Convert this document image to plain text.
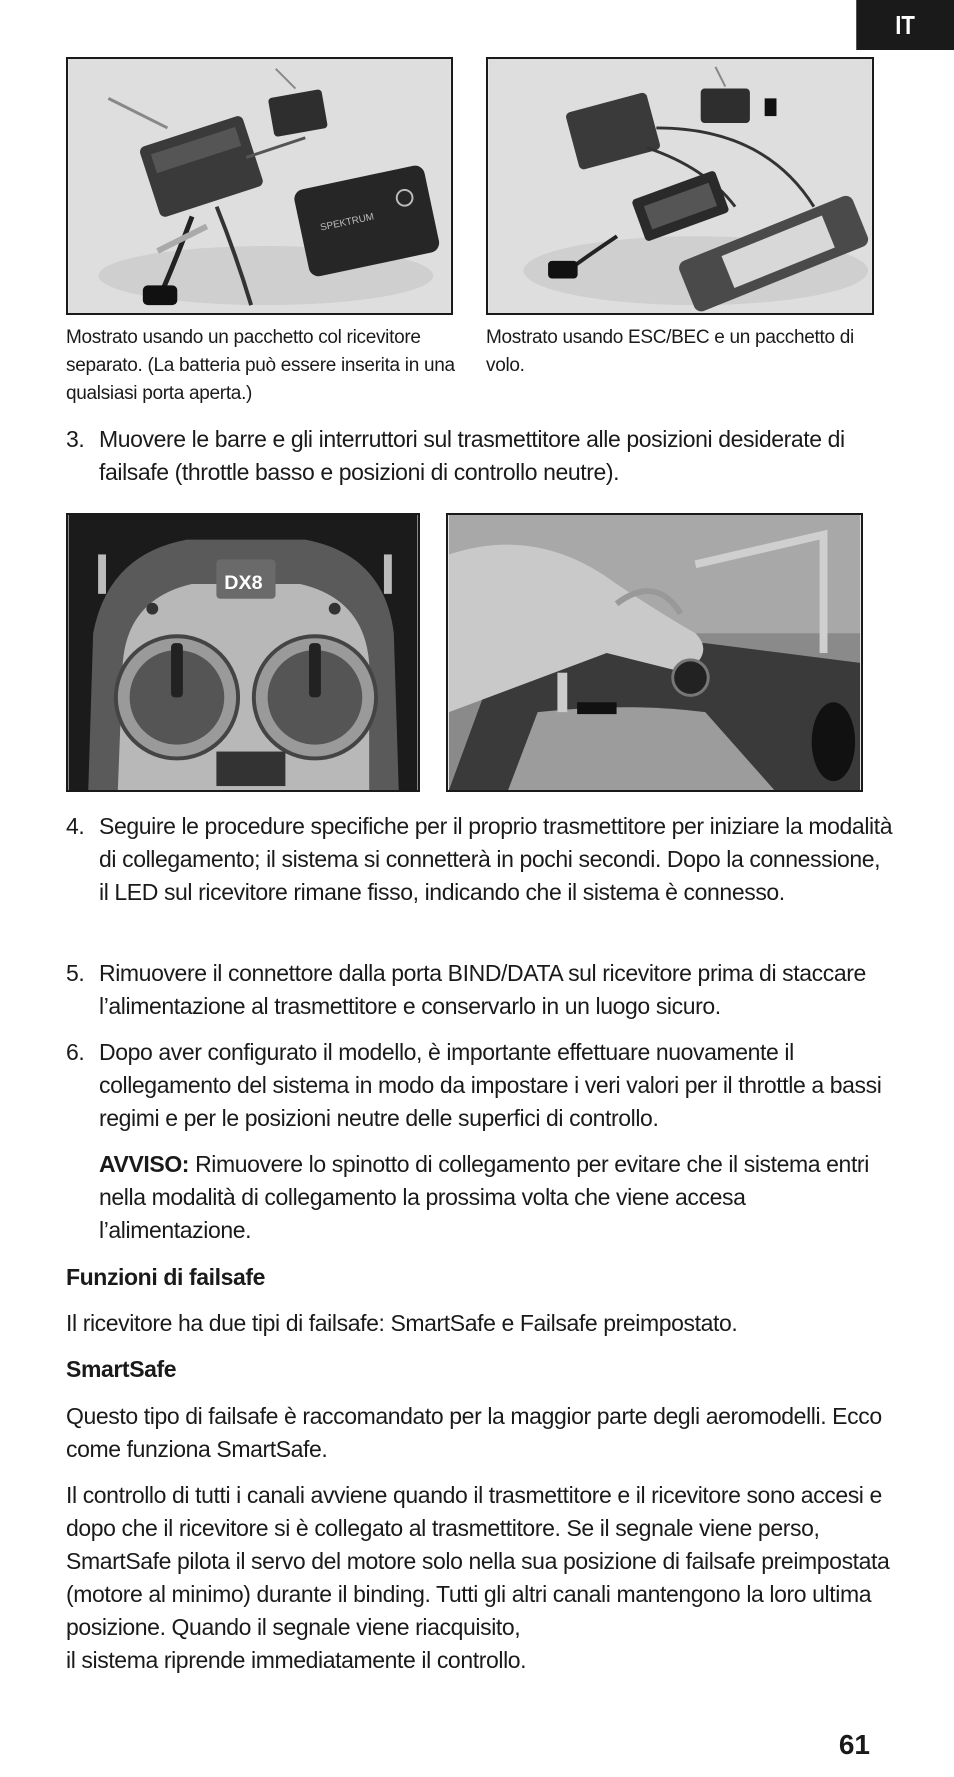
IT
SPEKTRUM
Mostrato usando un pacchetto col ricevitore separato. (La batteria può essere inserita in una qualsiasi porta aperta.)
Mostrato usando ESC/BEC e un pacchetto di volo.
3. Muovere le barre e gli interruttori sul trasmettitore alle posizioni desiderate di failsafe (throttle basso e posizioni di controllo neutre).
DX8
4. Seguire le procedure specifiche per il proprio trasmettitore per iniziare la modalità di collegamento; il sistema si connetterà in pochi secondi. Dopo la connessione,
il LED sul ricevitore rimane fisso, indicando che il sistema è connesso.
5. Rimuovere il connettore dalla porta BIND/DATA sul ricevitore prima di staccare l’alimentazione al trasmettitore e conservarlo in un luogo sicuro.
6. Dopo aver configurato il modello, è importante effettuare nuovamente il collegamento del sistema in modo da impostare i veri valori per il throttle a bassi regimi e per le posizioni neutre delle superfici di controllo.
AVVISO: Rimuovere lo spinotto di collegamento per evitare che il sistema entri nella modalità di collegamento la prossima volta che viene accesa l’alimentazione.
Funzioni di failsafe
Il ricevitore ha due tipi di failsafe: SmartSafe e Failsafe preimpostato.
SmartSafe
Questo tipo di failsafe è raccomandato per la maggior parte degli aeromodelli. Ecco come funziona SmartSafe.
Il controllo di tutti i canali avviene quando il trasmettitore e il ricevitore sono accesi e dopo che il ricevitore si è collegato al trasmettitore. Se il segnale viene perso, SmartSafe pilota il servo del motore solo nella sua posizione di failsafe preimpostata (motore al minimo) durante il binding. Tutti gli altri canali mantengono la loro ultima posizione. Quando il segnale viene riacquisito,
il sistema riprende immediatamente il controllo.
61
